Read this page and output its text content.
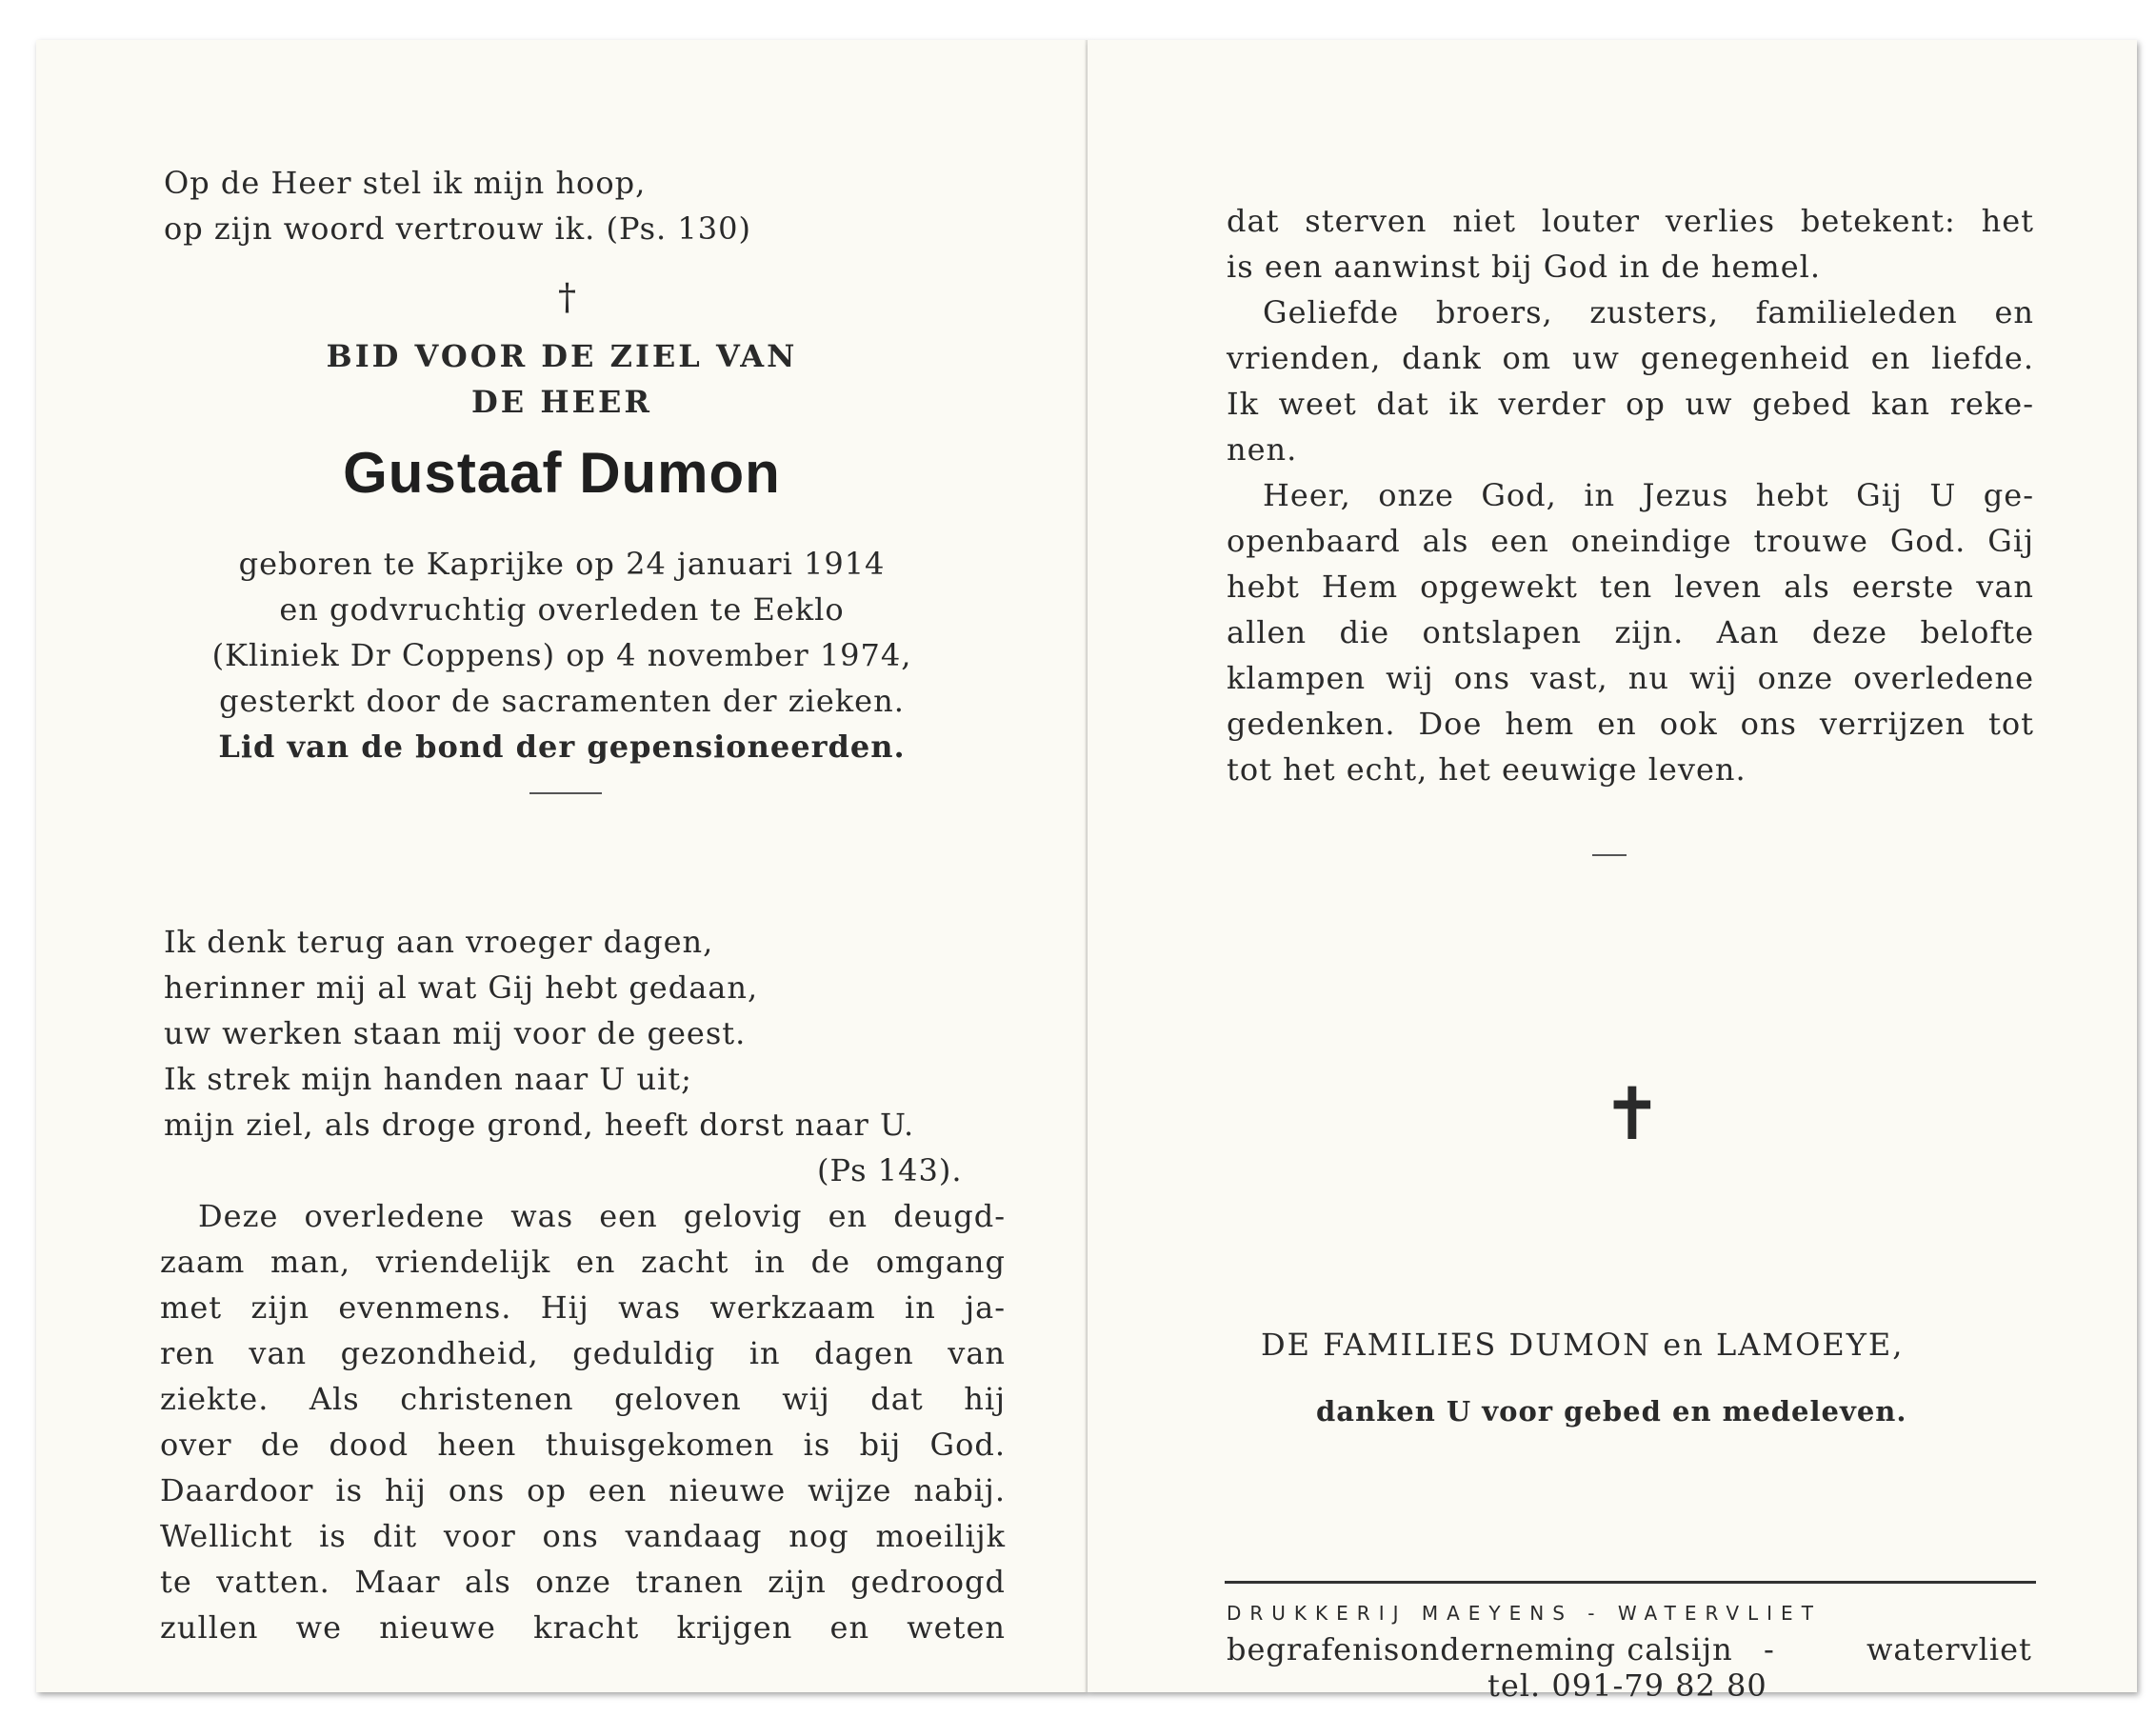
Op de Heer stel ik mijn hoop,
op zijn woord vertrouw ik. (Ps. 130)
†
BID VOOR DE ZIEL VAN
DE HEER
Gustaaf Dumon
geboren te Kaprijke op 24 januari 1914
en godvruchtig overleden te Eeklo
(Kliniek Dr Coppens) op 4 november 1974,
gesterkt door de sacramenten der zieken.
Lid van de bond der gepensioneerden.
Ik denk terug aan vroeger dagen,
herinner mij al wat Gij hebt gedaan,
uw werken staan mij voor de geest.
Ik strek mijn handen naar U uit;
mijn ziel, als droge grond, heeft dorst naar U.
(Ps 143).
Deze overledene was een gelovig en deugd-
zaam man, vriendelijk en zacht in de omgang
met zijn evenmens. Hij was werkzaam in ja-
ren van gezondheid, geduldig in dagen van
ziekte. Als christenen geloven wij dat hij
over de dood heen thuisgekomen is bij God.
Daardoor is hij ons op een nieuwe wijze nabij.
Wellicht is dit voor ons vandaag nog moeilijk
te vatten. Maar als onze tranen zijn gedroogd
zullen we nieuwe kracht krijgen en weten
dat sterven niet louter verlies betekent: het
is een aanwinst bij God in de hemel.
Geliefde broers, zusters, familieleden en
vrienden, dank om uw genegenheid en liefde.
Ik weet dat ik verder op uw gebed kan reke-
nen.
Heer, onze God, in Jezus hebt Gij U ge-
openbaard als een oneindige trouwe God. Gij
hebt Hem opgewekt ten leven als eerste van
allen die ontslapen zijn. Aan deze belofte
klampen wij ons vast, nu wij onze overledene
gedenken. Doe hem en ook ons verrijzen tot
tot het echt, het eeuwige leven.
✝
DE FAMILIES DUMON en LAMOEYE,
danken U voor gebed en medeleven.
DRUKKERIJ MAEYENS - WATERVLIET
begrafenisonderneming calsijn -	watervliet
tel. 091-79 82 80
